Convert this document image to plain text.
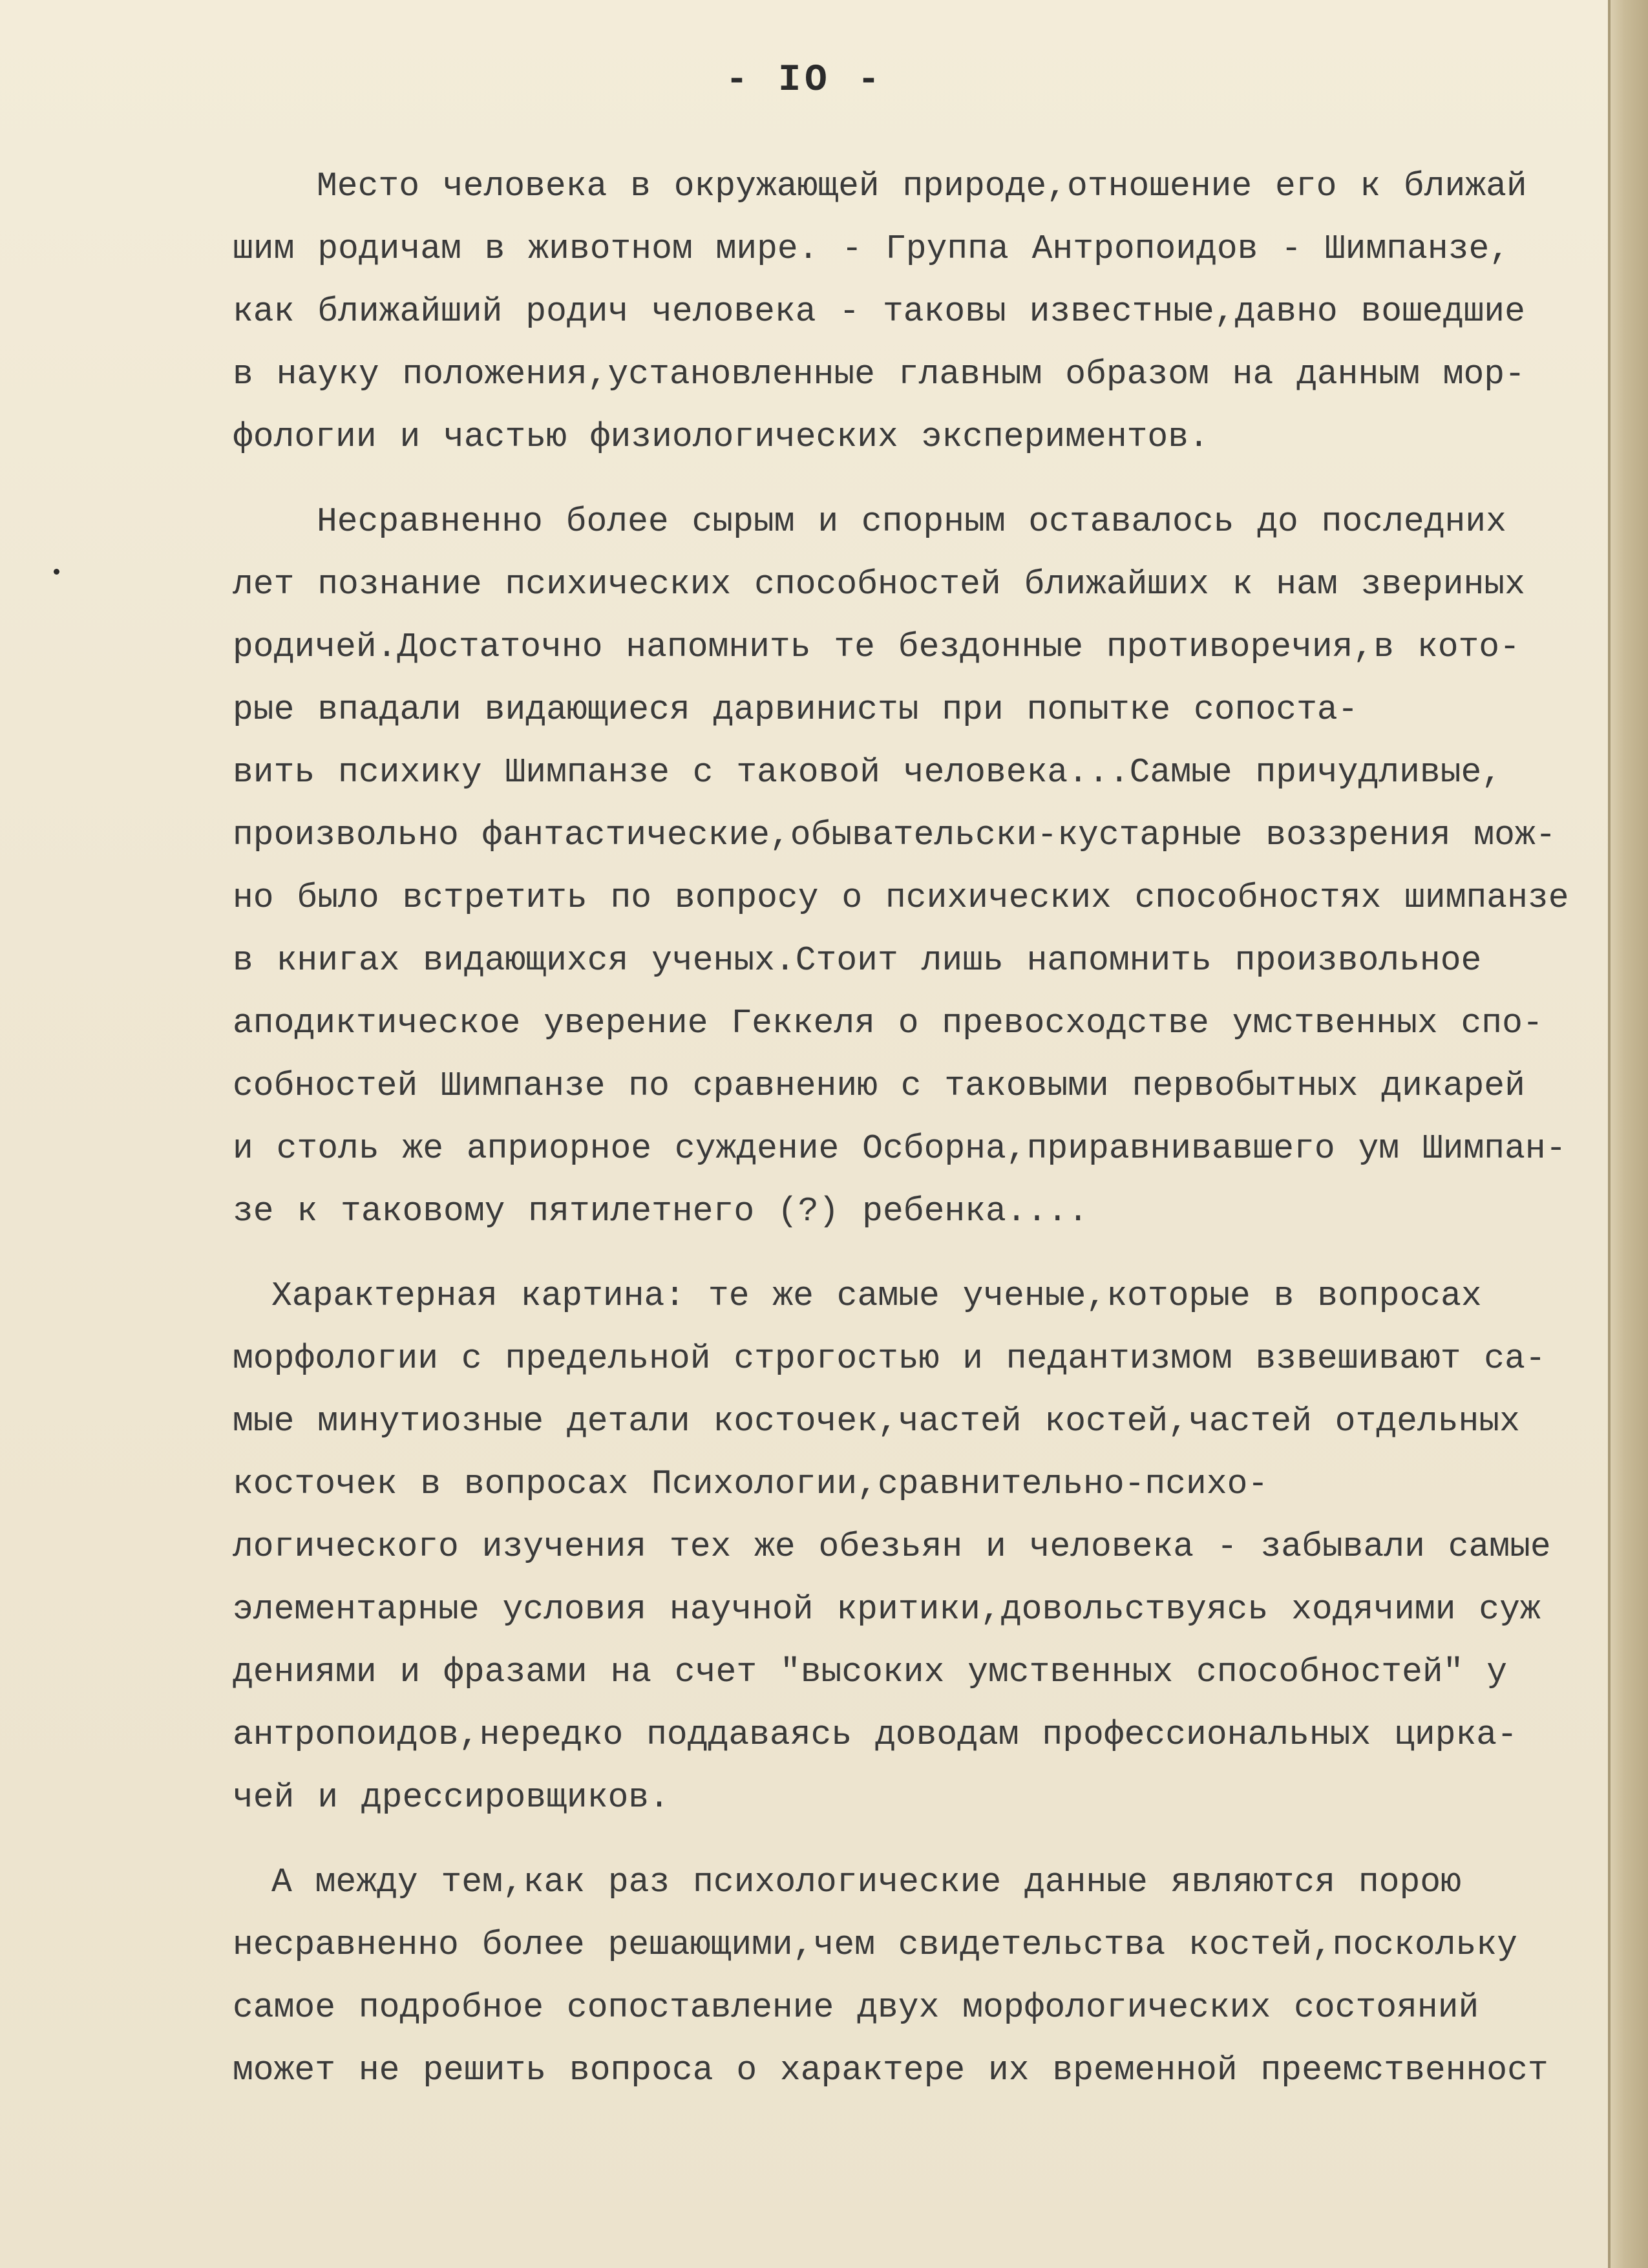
- IO -
Место человека в окружающей природе,отношение его к ближай
шим родичам в животном мире. - Группа Антропоидов - Шимпанзе,
как ближайший родич человека - таковы известные,давно вошедшие
в науку положения,установленные главным образом на данным мор-
фологии и частью физиологических экспериментов.
Несравненно более сырым и спорным оставалось до последних
лет познание психических способностей ближайших к нам звериных
родичей.Достаточно напомнить те бездонные противоречия,в кото-
рые впадали видающиеся дарвинисты при попытке сопоста-
вить психику Шимпанзе с таковой человека...Самые причудливые,
произвольно фантастические,обывательски-кустарные воззрения мож-
но было встретить по вопросу о психических способностях шимпанзе
в книгах видающихся ученых.Стоит лишь напомнить произвольное
аподиктическое уверение Геккеля о превосходстве умственных спо-
собностей Шимпанзе по сравнению с таковыми первобытных дикарей
и столь же априорное суждение Осборна,приравнивавшего ум Шимпан-
зе к таковому пятилетнего (?) ребенка....
Характерная картина: те же самые ученые,которые в вопросах
морфологии с предельной строгостью и педантизмом взвешивают са-
мые минутиозные детали косточек,частей костей,частей отдельных
косточек в вопросах Психологии,сравнительно-психо-
логического изучения тех же обезьян и человека - забывали самые
элементарные условия научной критики,довольствуясь ходячими суж
дениями и фразами на счет "высоких умственных способностей" у
антропоидов,нередко поддаваясь доводам профессиональных цирка-
чей и дрессировщиков.
А между тем,как раз психологические данные являются порою
несравненно более решающими,чем свидетельства костей,поскольку
самое подробное сопоставление двух морфологических состояний
может не решить вопроса о характере их временной преемственност
